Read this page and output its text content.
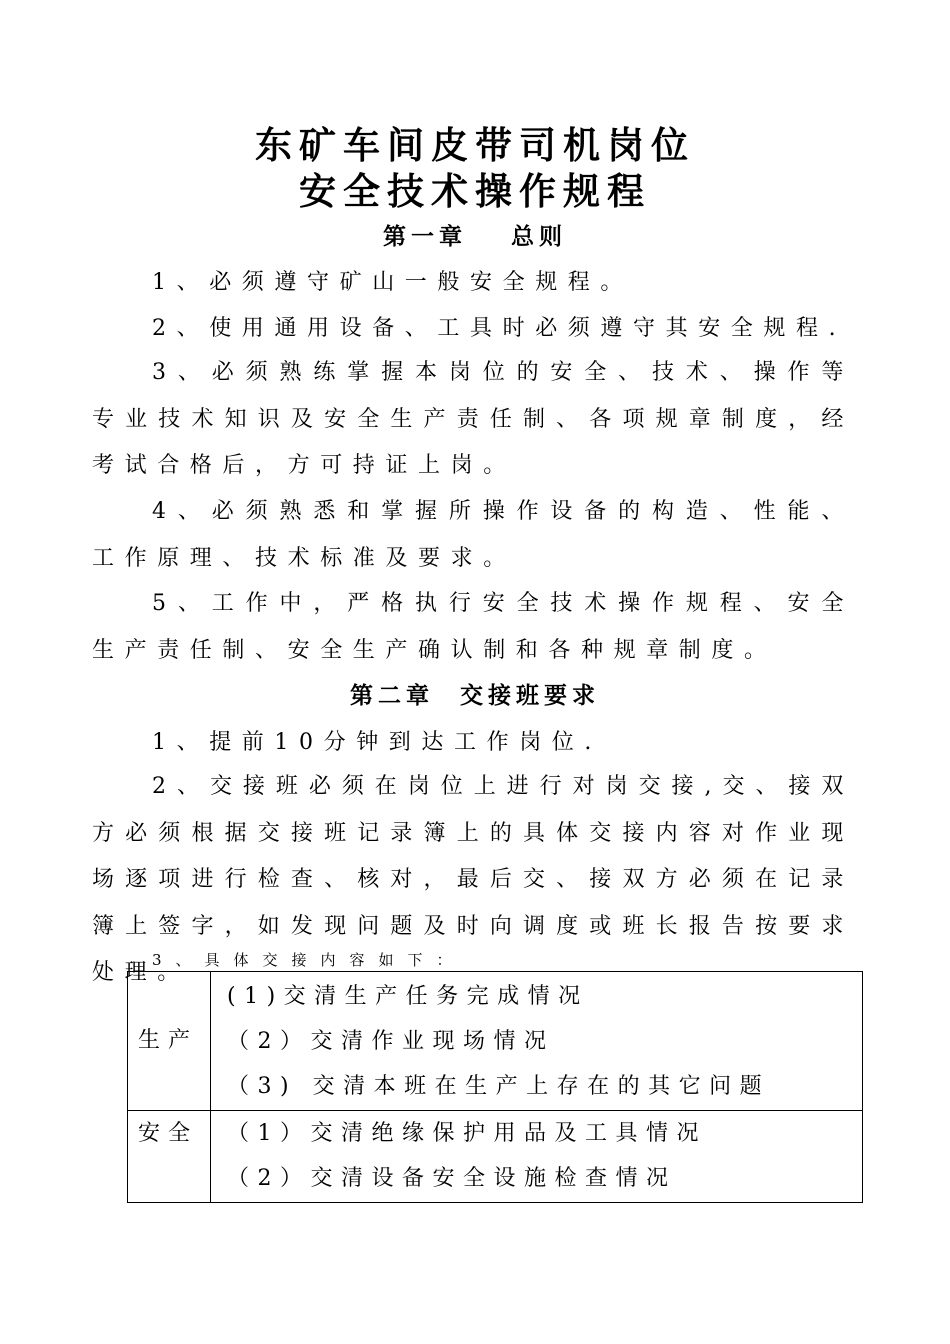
东矿车间皮带司机岗位
安全技术操作规程
第一章 总则
1、必须遵守矿山一般安全规程。
2、使用通用设备、工具时必须遵守其安全规程.
3、必须熟练掌握本岗位的安全、技术、操作等专业技术知识及安全生产责任制、各项规章制度，经考试合格后，方可持证上岗。
4、必须熟悉和掌握所操作设备的构造、性能、工作原理、技术标准及要求。
5、工作中，严格执行安全技术操作规程、安全生产责任制、安全生产确认制和各种规章制度。
第二章 交接班要求
1、提前10分钟到达工作岗位.
2、交接班必须在岗位上进行对岗交接,交、接双方必须根据交接班记录簿上的具体交接内容对作业现场逐项进行检查、核对，最后交、接双方必须在记录簿上签字，如发现问题及时向调度或班长报告按要求处理。
3、具体交接内容如下：
生产	(1)交清生产任务完成情况
（2）交清作业现场情况
（3) 交清本班在生产上存在的其它问题

安全	（1）交清绝缘保护用品及工具情况
（2）交清设备安全设施检查情况
